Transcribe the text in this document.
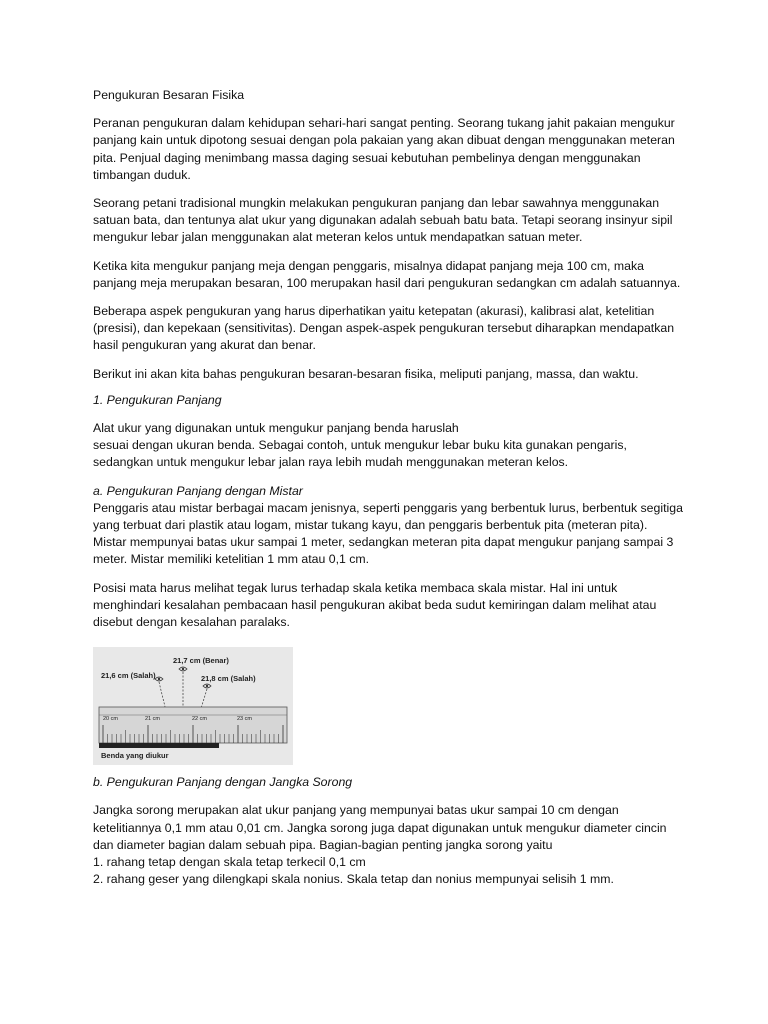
Pengukuran Besaran Fisika

Peranan pengukuran dalam kehidupan sehari-hari sangat penting. Seorang tukang jahit pakaian mengukur panjang kain untuk dipotong sesuai dengan pola pakaian yang akan dibuat dengan menggunakan meteran pita. Penjual daging menimbang massa daging sesuai kebutuhan pembelinya dengan menggunakan timbangan duduk.

Seorang petani tradisional mungkin melakukan pengukuran panjang dan lebar sawahnya menggunakan satuan bata, dan tentunya alat ukur yang digunakan adalah sebuah batu bata. Tetapi seorang insinyur sipil mengukur lebar jalan menggunakan alat meteran kelos untuk mendapatkan satuan meter.

Ketika kita mengukur panjang meja dengan penggaris, misalnya didapat panjang meja 100 cm, maka panjang meja merupakan besaran, 100 merupakan hasil dari pengukuran sedangkan cm adalah satuannya.

Beberapa aspek pengukuran yang harus diperhatikan yaitu ketepatan (akurasi), kalibrasi alat, ketelitian (presisi), dan kepekaan (sensitivitas). Dengan aspek-aspek pengukuran tersebut diharapkan mendapatkan hasil pengukuran yang akurat dan benar.

Berikut ini akan kita bahas pengukuran besaran-besaran fisika, meliputi panjang, massa, dan waktu.

1. Pengukuran Panjang

Alat ukur yang digunakan untuk mengukur panjang benda haruslah

sesuai dengan ukuran benda. Sebagai contoh, untuk mengukur lebar buku kita gunakan pengaris, sedangkan untuk mengukur lebar jalan raya lebih mudah menggunakan meteran kelos.

a. Pengukuran Panjang dengan Mistar

Penggaris atau mistar berbagai macam jenisnya, seperti penggaris yang berbentuk lurus, berbentuk segitiga yang terbuat dari plastik atau logam, mistar tukang kayu, dan penggaris berbentuk pita (meteran pita). Mistar mempunyai batas ukur sampai 1 meter, sedangkan meteran pita dapat mengukur panjang sampai 3 meter. Mistar memiliki ketelitian 1 mm atau 0,1 cm.

Posisi mata harus melihat tegak lurus terhadap skala ketika membaca skala mistar. Hal ini untuk menghindari kesalahan pembacaan hasil pengukuran akibat beda sudut kemiringan dalam melihat atau disebut dengan kesalahan paralaks.

21,7 cm (Benar)
21,6 cm (Salah)	21,8 cm (Salah)
20 cm	21 cm	22 cm	23 cm
Benda yang diukur

b. Pengukuran Panjang dengan Jangka Sorong

Jangka sorong merupakan alat ukur panjang yang mempunyai batas ukur sampai 10 cm dengan ketelitiannya 0,1 mm atau 0,01 cm. Jangka sorong juga dapat digunakan untuk mengukur diameter cincin dan diameter bagian dalam sebuah pipa. Bagian-bagian penting jangka sorong yaitu

1. rahang tetap dengan skala tetap terkecil 0,1 cm

2. rahang geser yang dilengkapi skala nonius. Skala tetap dan nonius mempunyai selisih 1 mm.
